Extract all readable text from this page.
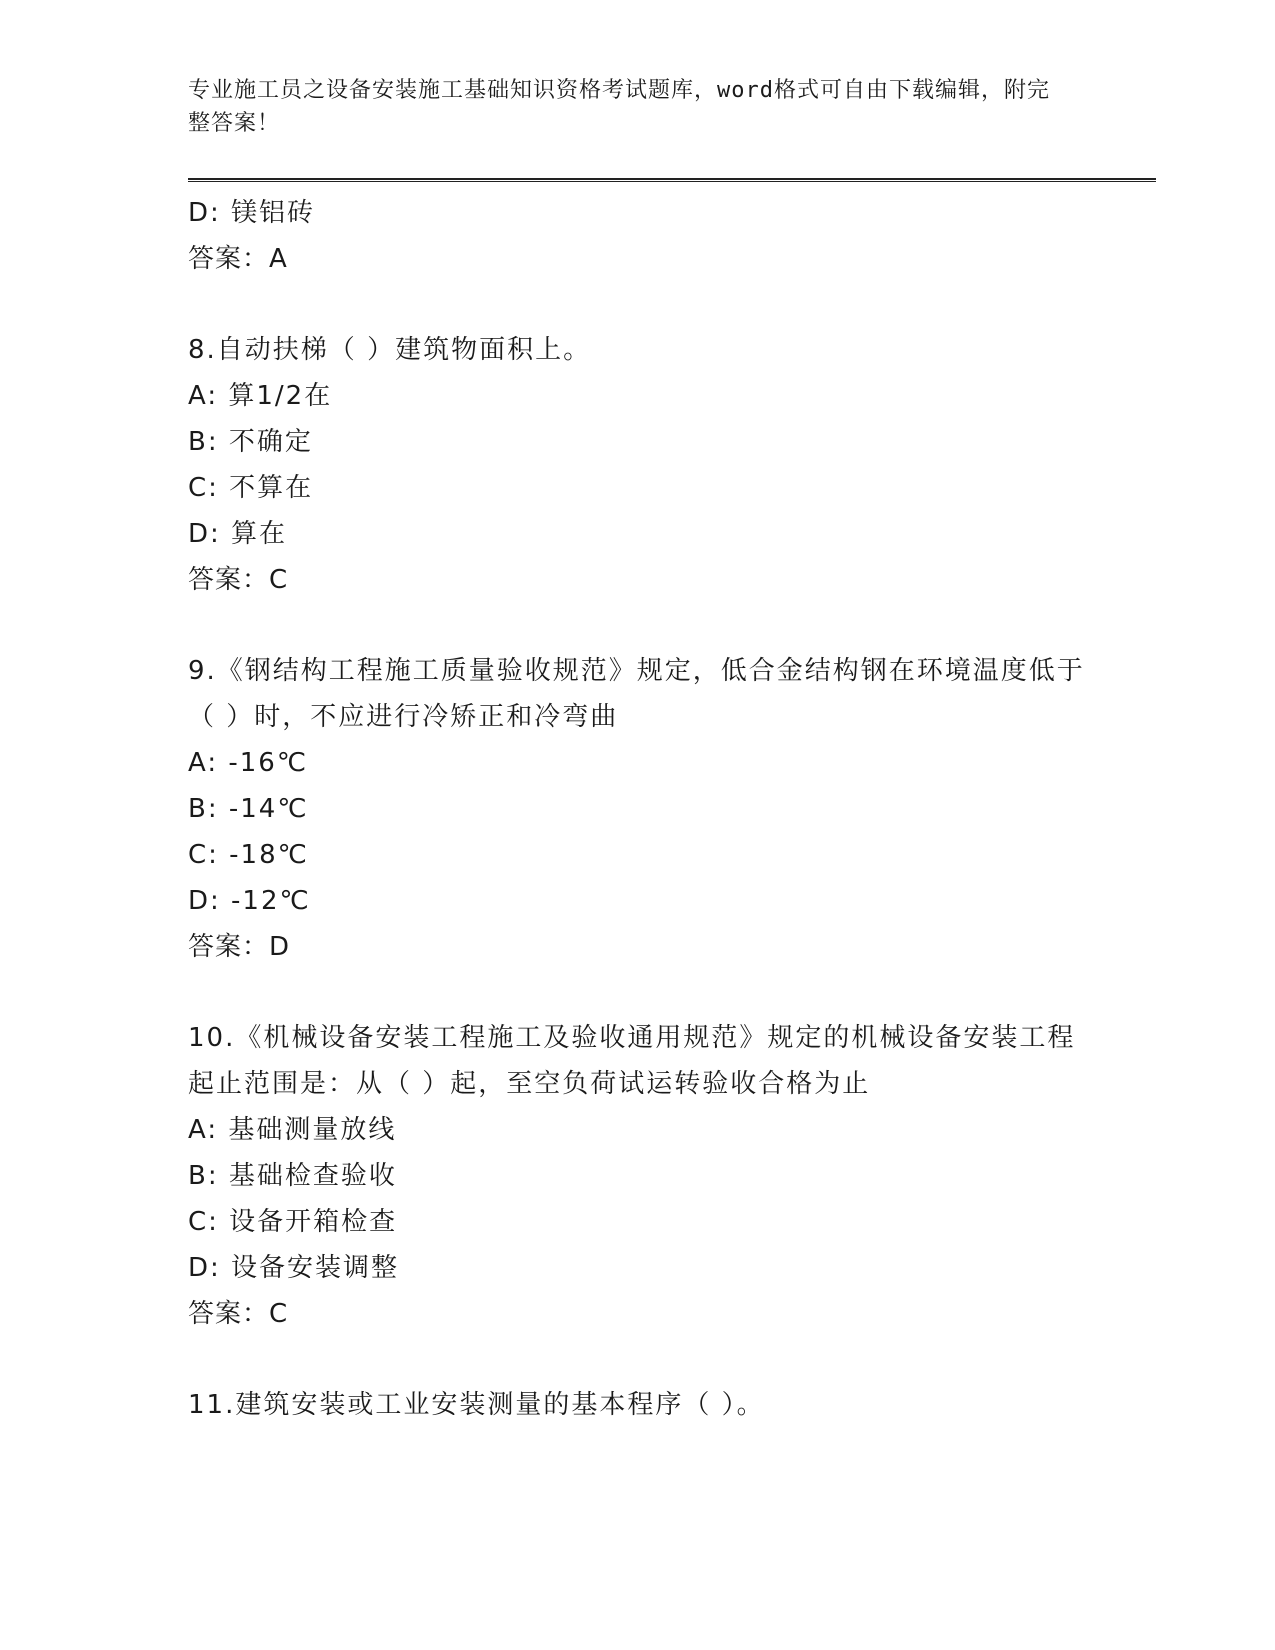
专业施工员之设备安装施工基础知识资格考试题库，word格式可自由下载编辑，附完整答案！
D: 镁铝砖
答案：A
8.自动扶梯（ ）建筑物面积上。
A: 算1/2在
B: 不确定
C: 不算在
D: 算在
答案：C
9.《钢结构工程施工质量验收规范》规定，低合金结构钢在环境温度低于（ ）时，不应进行冷矫正和冷弯曲
A: -16℃
B: -14℃
C: -18℃
D: -12℃
答案：D
10.《机械设备安装工程施工及验收通用规范》规定的机械设备安装工程起止范围是：从（ ）起，至空负荷试运转验收合格为止
A: 基础测量放线
B: 基础检查验收
C: 设备开箱检查
D: 设备安装调整
答案：C
11.建筑安装或工业安装测量的基本程序（ ）。
